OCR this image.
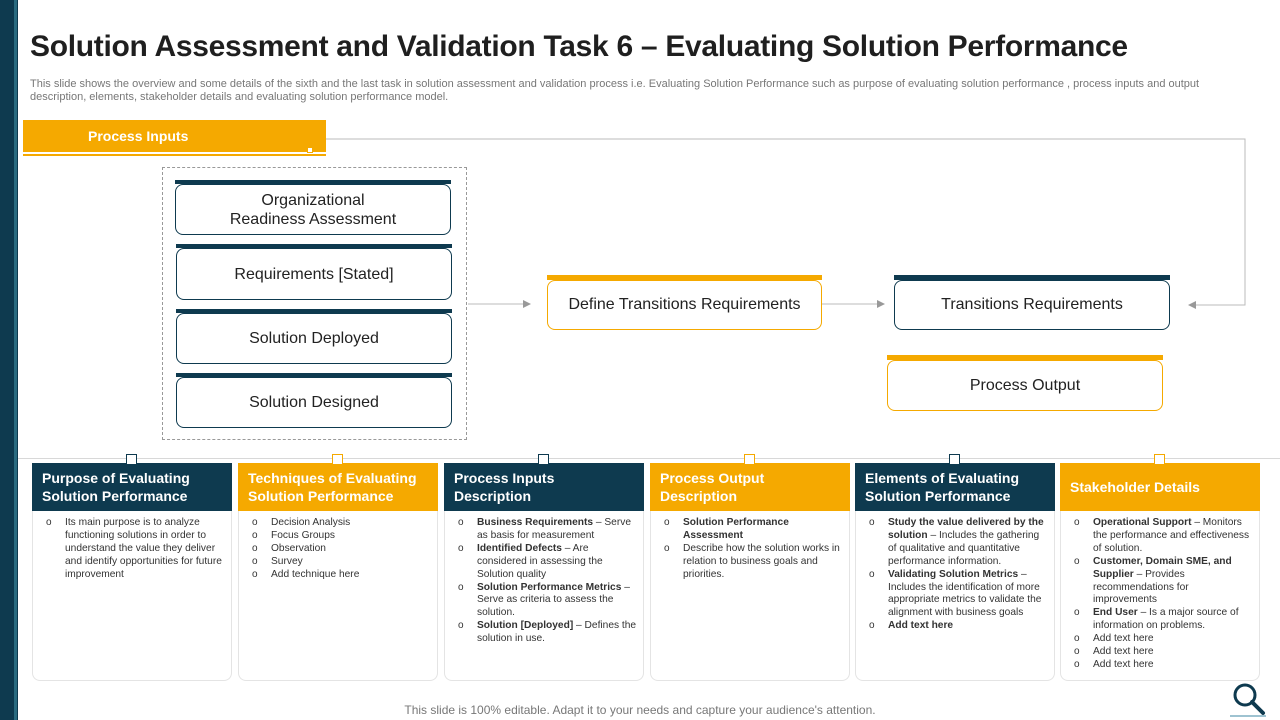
Solution Assessment and Validation Task 6 – Evaluating Solution Performance
This slide shows the overview and some details of the sixth and the last task in solution assessment and validation process i.e. Evaluating Solution Performance such as purpose of evaluating solution performance , process inputs and output description, elements, stakeholder details and evaluating solution performance model.
Process Inputs
Organizational
Readiness Assessment
Requirements [Stated]
Solution Deployed
Solution Designed
Define Transitions Requirements	Transitions Requirements
Process Output
Purpose of Evaluating Solution Performance
o Its main purpose is to analyze functioning solutions in order to understand the value they deliver and identify opportunities for future improvement
Techniques of Evaluating Solution Performance
o Decision Analysis
o Focus Groups
o Observation
o Survey
o Add technique here
Process Inputs Description
o Business Requirements – Serve as basis for measurement
o Identified Defects – Are considered in assessing the Solution quality
o Solution Performance Metrics – Serve as criteria to assess the solution.
o Solution [Deployed] – Defines the solution in use.
Process Output Description
o Solution Performance Assessment
o Describe how the solution works in relation to business goals and priorities.
Elements of Evaluating Solution Performance
o Study the value delivered by the solution – Includes the gathering of qualitative and quantitative performance information.
o Validating Solution Metrics – Includes the identification of more appropriate metrics to validate the alignment with business goals
o Add text here
Stakeholder Details
o Operational Support – Monitors the performance and effectiveness of solution.
o Customer, Domain SME, and Supplier – Provides recommendations for improvements
o End User – Is a major source of information on problems.
o Add text here
o Add text here
o Add text here
This slide is 100% editable. Adapt it to your needs and capture your audience's attention.
